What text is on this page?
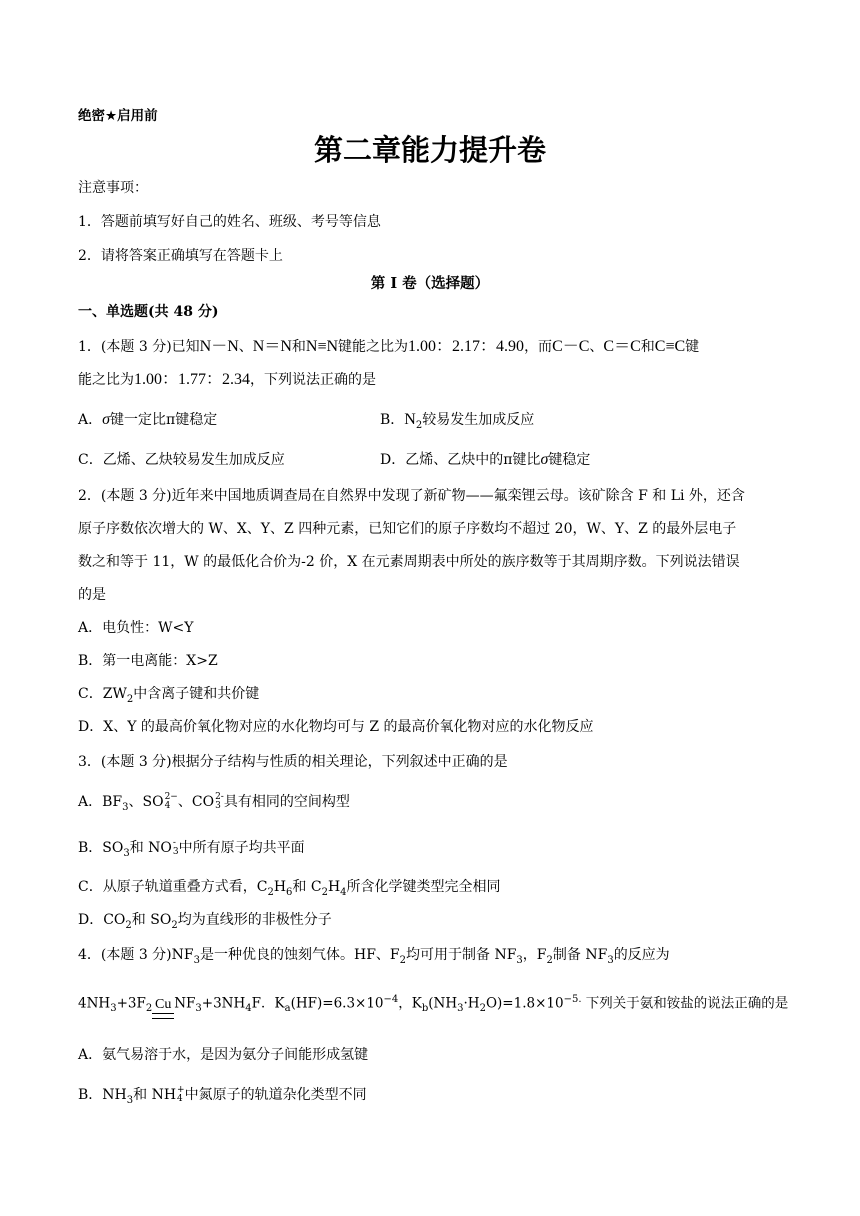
绝密★启用前
第二章能力提升卷
注意事项：
1．答题前填写好自己的姓名、班级、考号等信息
2．请将答案正确填写在答题卡上
第 I 卷（选择题）
一、单选题(共 48 分)
1．(本题 3 分)已知N－N、N＝N和N≡N键能之比为1.00：2.17：4.90，而C－C、C＝C和C≡C键
能之比为1.00：1.77：2.34，下列说法正确的是
A．σ键一定比π键稳定	B．$N_2$较易发生加成反应
C．乙烯、乙炔较易发生加成反应	D．乙烯、乙炔中的π键比σ键稳定
2．(本题 3 分)近年来中国地质调查局在自然界中发现了新矿物——氟栾锂云母。该矿除含 F 和 Li 外，还含
原子序数依次增大的 W、X、Y、Z 四种元素，已知它们的原子序数均不超过 20，W、Y、Z 的最外层电子
数之和等于 11，W 的最低化合价为-2 价，X 在元素周期表中所处的族序数等于其周期序数。下列说法错误
的是
A．电负性：W<Y
B．第一电离能：X>Z
C．$ZW_2$中含离子键和共价键
D．X、Y 的最高价氧化物对应的水化物均可与 Z 的最高价氧化物对应的水化物反应
3．(本题 3 分)根据分子结构与性质的相关理论，下列叙述中正确的是
A．$BF_3$、SO 2−
4 、CO 2-
3 具有相同的空间构型
B．$SO_3$和 NO -
3 中所有原子均共平面
C．从原子轨道重叠方式看，$C_2H_6$和 $C_2H_4$所含化学键类型完全相同
D．$CO_2$和 $SO_2$均为直线形的非极性分子
4．(本题 3 分)$NF_3$是一种优良的蚀刻气体。HF、$F_2$均可用于制备 $NF_3$，$F_2$制备 $NF_3$的反应为
$4NH_3+3F_2$ Cu $NF_3+3NH_4F$．$K_a(HF)=6.3\times 10^{-4}$，$K_b(NH_3\cdot H_2O)=1.8\times 10^{-5.}$ 下列关于氨和铵盐的说法正确的是
A．氨气易溶于水，是因为氨分子间能形成氢键
B．$NH_3$和 NH +
4 中氮原子的轨道杂化类型不同
